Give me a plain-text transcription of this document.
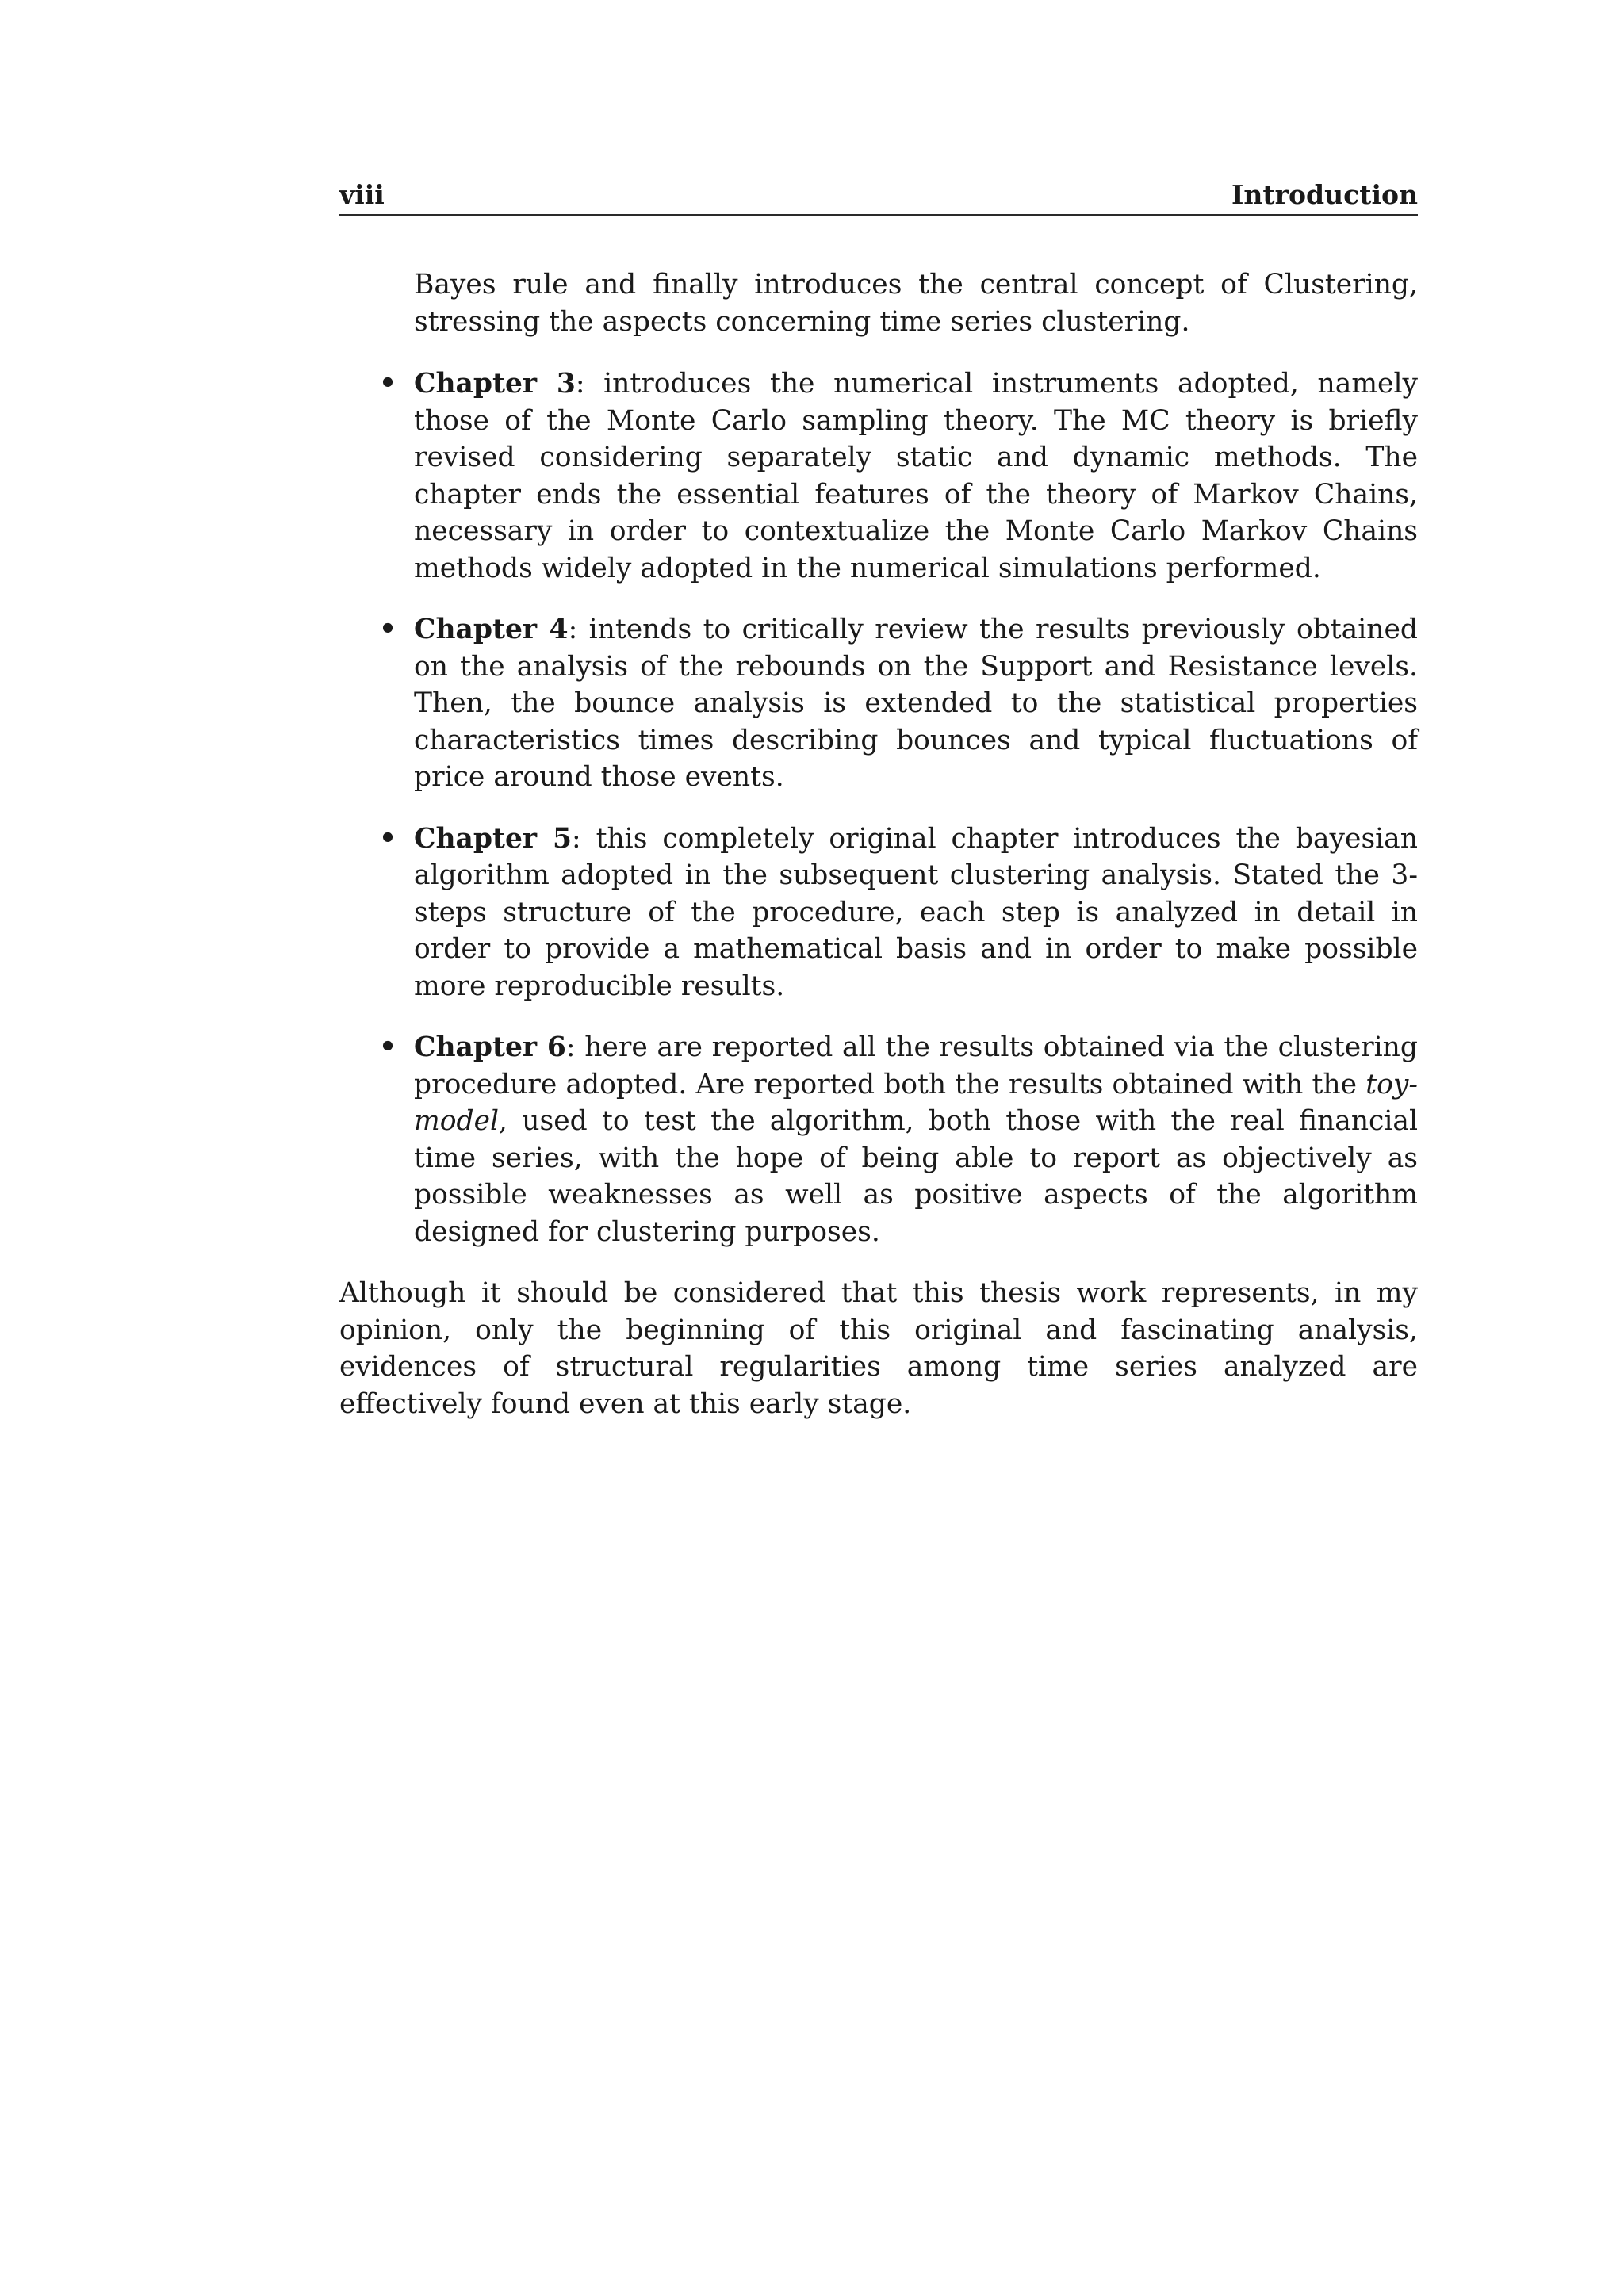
viii	Introduction

Bayes rule and finally introduces the central concept of Clustering, stressing the aspects concerning time series clustering.

• Chapter 3: introduces the numerical instruments adopted, namely those of the Monte Carlo sampling theory. The MC theory is briefly revised considering separately static and dynamic methods. The chapter ends the essential features of the theory of Markov Chains, necessary in order to contextualize the Monte Carlo Markov Chains methods widely adopted in the numerical simulations performed.
• Chapter 4: intends to critically review the results previously obtained on the analysis of the rebounds on the Support and Resistance levels. Then, the bounce analysis is extended to the statistical properties characteristics times describing bounces and typical fluctuations of price around those events.
• Chapter 5: this completely original chapter introduces the bayesian algorithm adopted in the subsequent clustering analysis. Stated the 3-steps structure of the procedure, each step is analyzed in detail in order to provide a mathematical basis and in order to make possible more reproducible results.
• Chapter 6: here are reported all the results obtained via the clustering procedure adopted. Are reported both the results obtained with the toy-model, used to test the algorithm, both those with the real financial time series, with the hope of being able to report as objectively as possible weaknesses as well as positive aspects of the algorithm designed for clustering purposes.

Although it should be considered that this thesis work represents, in my opinion, only the beginning of this original and fascinating analysis, evidences of structural regularities among time series analyzed are effectively found even at this early stage.
